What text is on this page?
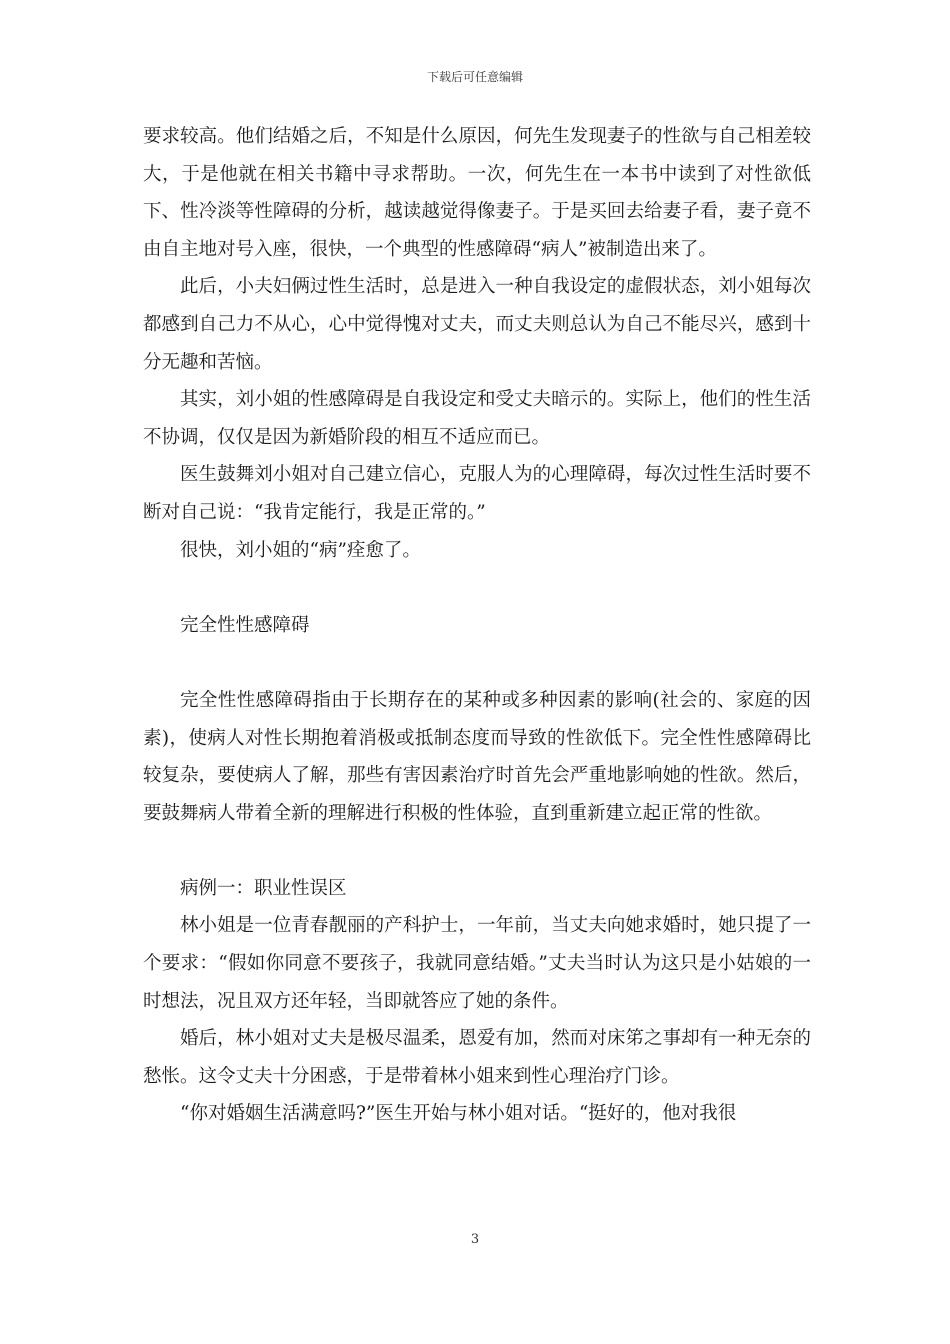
下载后可任意编辑

要求较高。他们结婚之后，不知是什么原因，何先生发现妻子的性欲与自己相差较大，于是他就在相关书籍中寻求帮助。一次，何先生在一本书中读到了对性欲低下、性冷淡等性障碍的分析，越读越觉得像妻子。于是买回去给妻子看，妻子竟不由自主地对号入座，很快，一个典型的性感障碍“病人”被制造出来了。

此后，小夫妇俩过性生活时，总是进入一种自我设定的虚假状态，刘小姐每次都感到自己力不从心，心中觉得愧对丈夫，而丈夫则总认为自己不能尽兴，感到十分无趣和苦恼。

其实，刘小姐的性感障碍是自我设定和受丈夫暗示的。实际上，他们的性生活不协调，仅仅是因为新婚阶段的相互不适应而已。

医生鼓舞刘小姐对自己建立信心，克服人为的心理障碍，每次过性生活时要不断对自己说：“我肯定能行，我是正常的。”

很快，刘小姐的“病”痊愈了。

完全性性感障碍

完全性性感障碍指由于长期存在的某种或多种因素的影响(社会的、家庭的因素)，使病人对性长期抱着消极或抵制态度而导致的性欲低下。完全性性感障碍比较复杂，要使病人了解，那些有害因素治疗时首先会严重地影响她的性欲。然后，要鼓舞病人带着全新的理解进行积极的性体验，直到重新建立起正常的性欲。

病例一：职业性误区

林小姐是一位青春靓丽的产科护士，一年前，当丈夫向她求婚时，她只提了一个要求：“假如你同意不要孩子，我就同意结婚。”丈夫当时认为这只是小姑娘的一时想法，况且双方还年轻，当即就答应了她的条件。

婚后，林小姐对丈夫是极尽温柔，恩爱有加，然而对床笫之事却有一种无奈的愁怅。这令丈夫十分困惑，于是带着林小姐来到性心理治疗门诊。

“你对婚姻生活满意吗?”医生开始与林小姐对话。“挺好的，他对我很

3
